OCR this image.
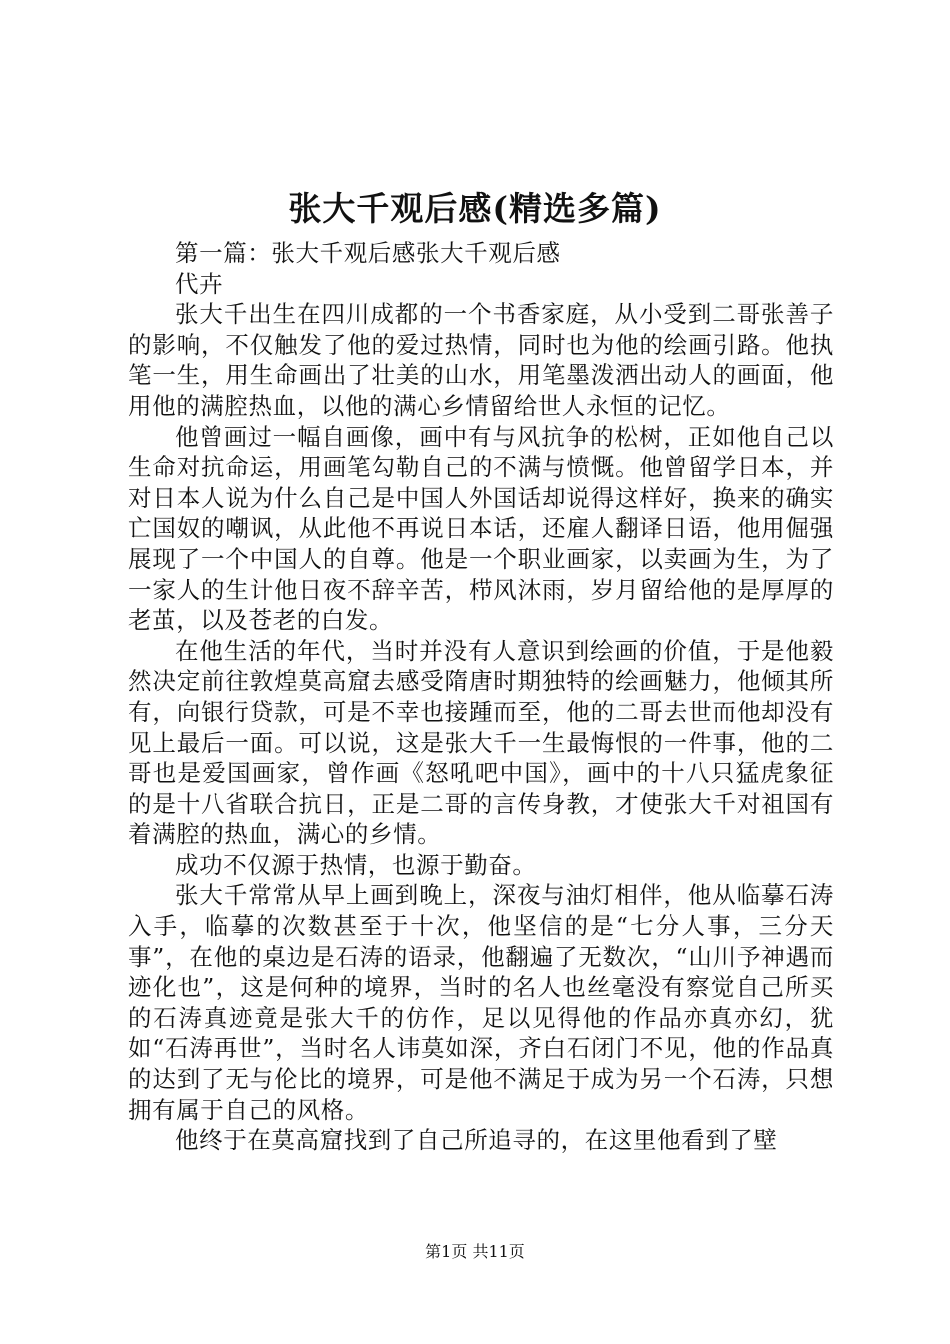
张大千观后感(精选多篇)

第一篇：张大千观后感张大千观后感

代卉

张大千出生在四川成都的一个书香家庭，从小受到二哥张善子的影响，不仅触发了他的爱过热情，同时也为他的绘画引路。他执笔一生，用生命画出了壮美的山水，用笔墨泼洒出动人的画面，他用他的满腔热血，以他的满心乡情留给世人永恒的记忆。

他曾画过一幅自画像，画中有与风抗争的松树，正如他自己以生命对抗命运，用画笔勾勒自己的不满与愤慨。他曾留学日本，并对日本人说为什么自己是中国人外国话却说得这样好，换来的确实亡国奴的嘲讽，从此他不再说日本话，还雇人翻译日语，他用倔强展现了一个中国人的自尊。他是一个职业画家，以卖画为生，为了一家人的生计他日夜不辞辛苦，栉风沐雨，岁月留给他的是厚厚的老茧，以及苍老的白发。

在他生活的年代，当时并没有人意识到绘画的价值，于是他毅然决定前往敦煌莫高窟去感受隋唐时期独特的绘画魅力，他倾其所有，向银行贷款，可是不幸也接踵而至，他的二哥去世而他却没有见上最后一面。可以说，这是张大千一生最悔恨的一件事，他的二哥也是爱国画家，曾作画《怒吼吧中国》，画中的十八只猛虎象征的是十八省联合抗日，正是二哥的言传身教，才使张大千对祖国有着满腔的热血，满心的乡情。

成功不仅源于热情，也源于勤奋。

张大千常常从早上画到晚上，深夜与油灯相伴，他从临摹石涛入手，临摹的次数甚至于十次，他坚信的是“七分人事，三分天事”，在他的桌边是石涛的语录，他翻遍了无数次，“山川予神遇而迹化也”，这是何种的境界，当时的名人也丝毫没有察觉自己所买的石涛真迹竟是张大千的仿作，足以见得他的作品亦真亦幻，犹如“石涛再世”，当时名人讳莫如深，齐白石闭门不见，他的作品真的达到了无与伦比的境界，可是他不满足于成为另一个石涛，只想拥有属于自己的风格。

他终于在莫高窟找到了自己所追寻的，在这里他看到了壁

第1页 共11页
